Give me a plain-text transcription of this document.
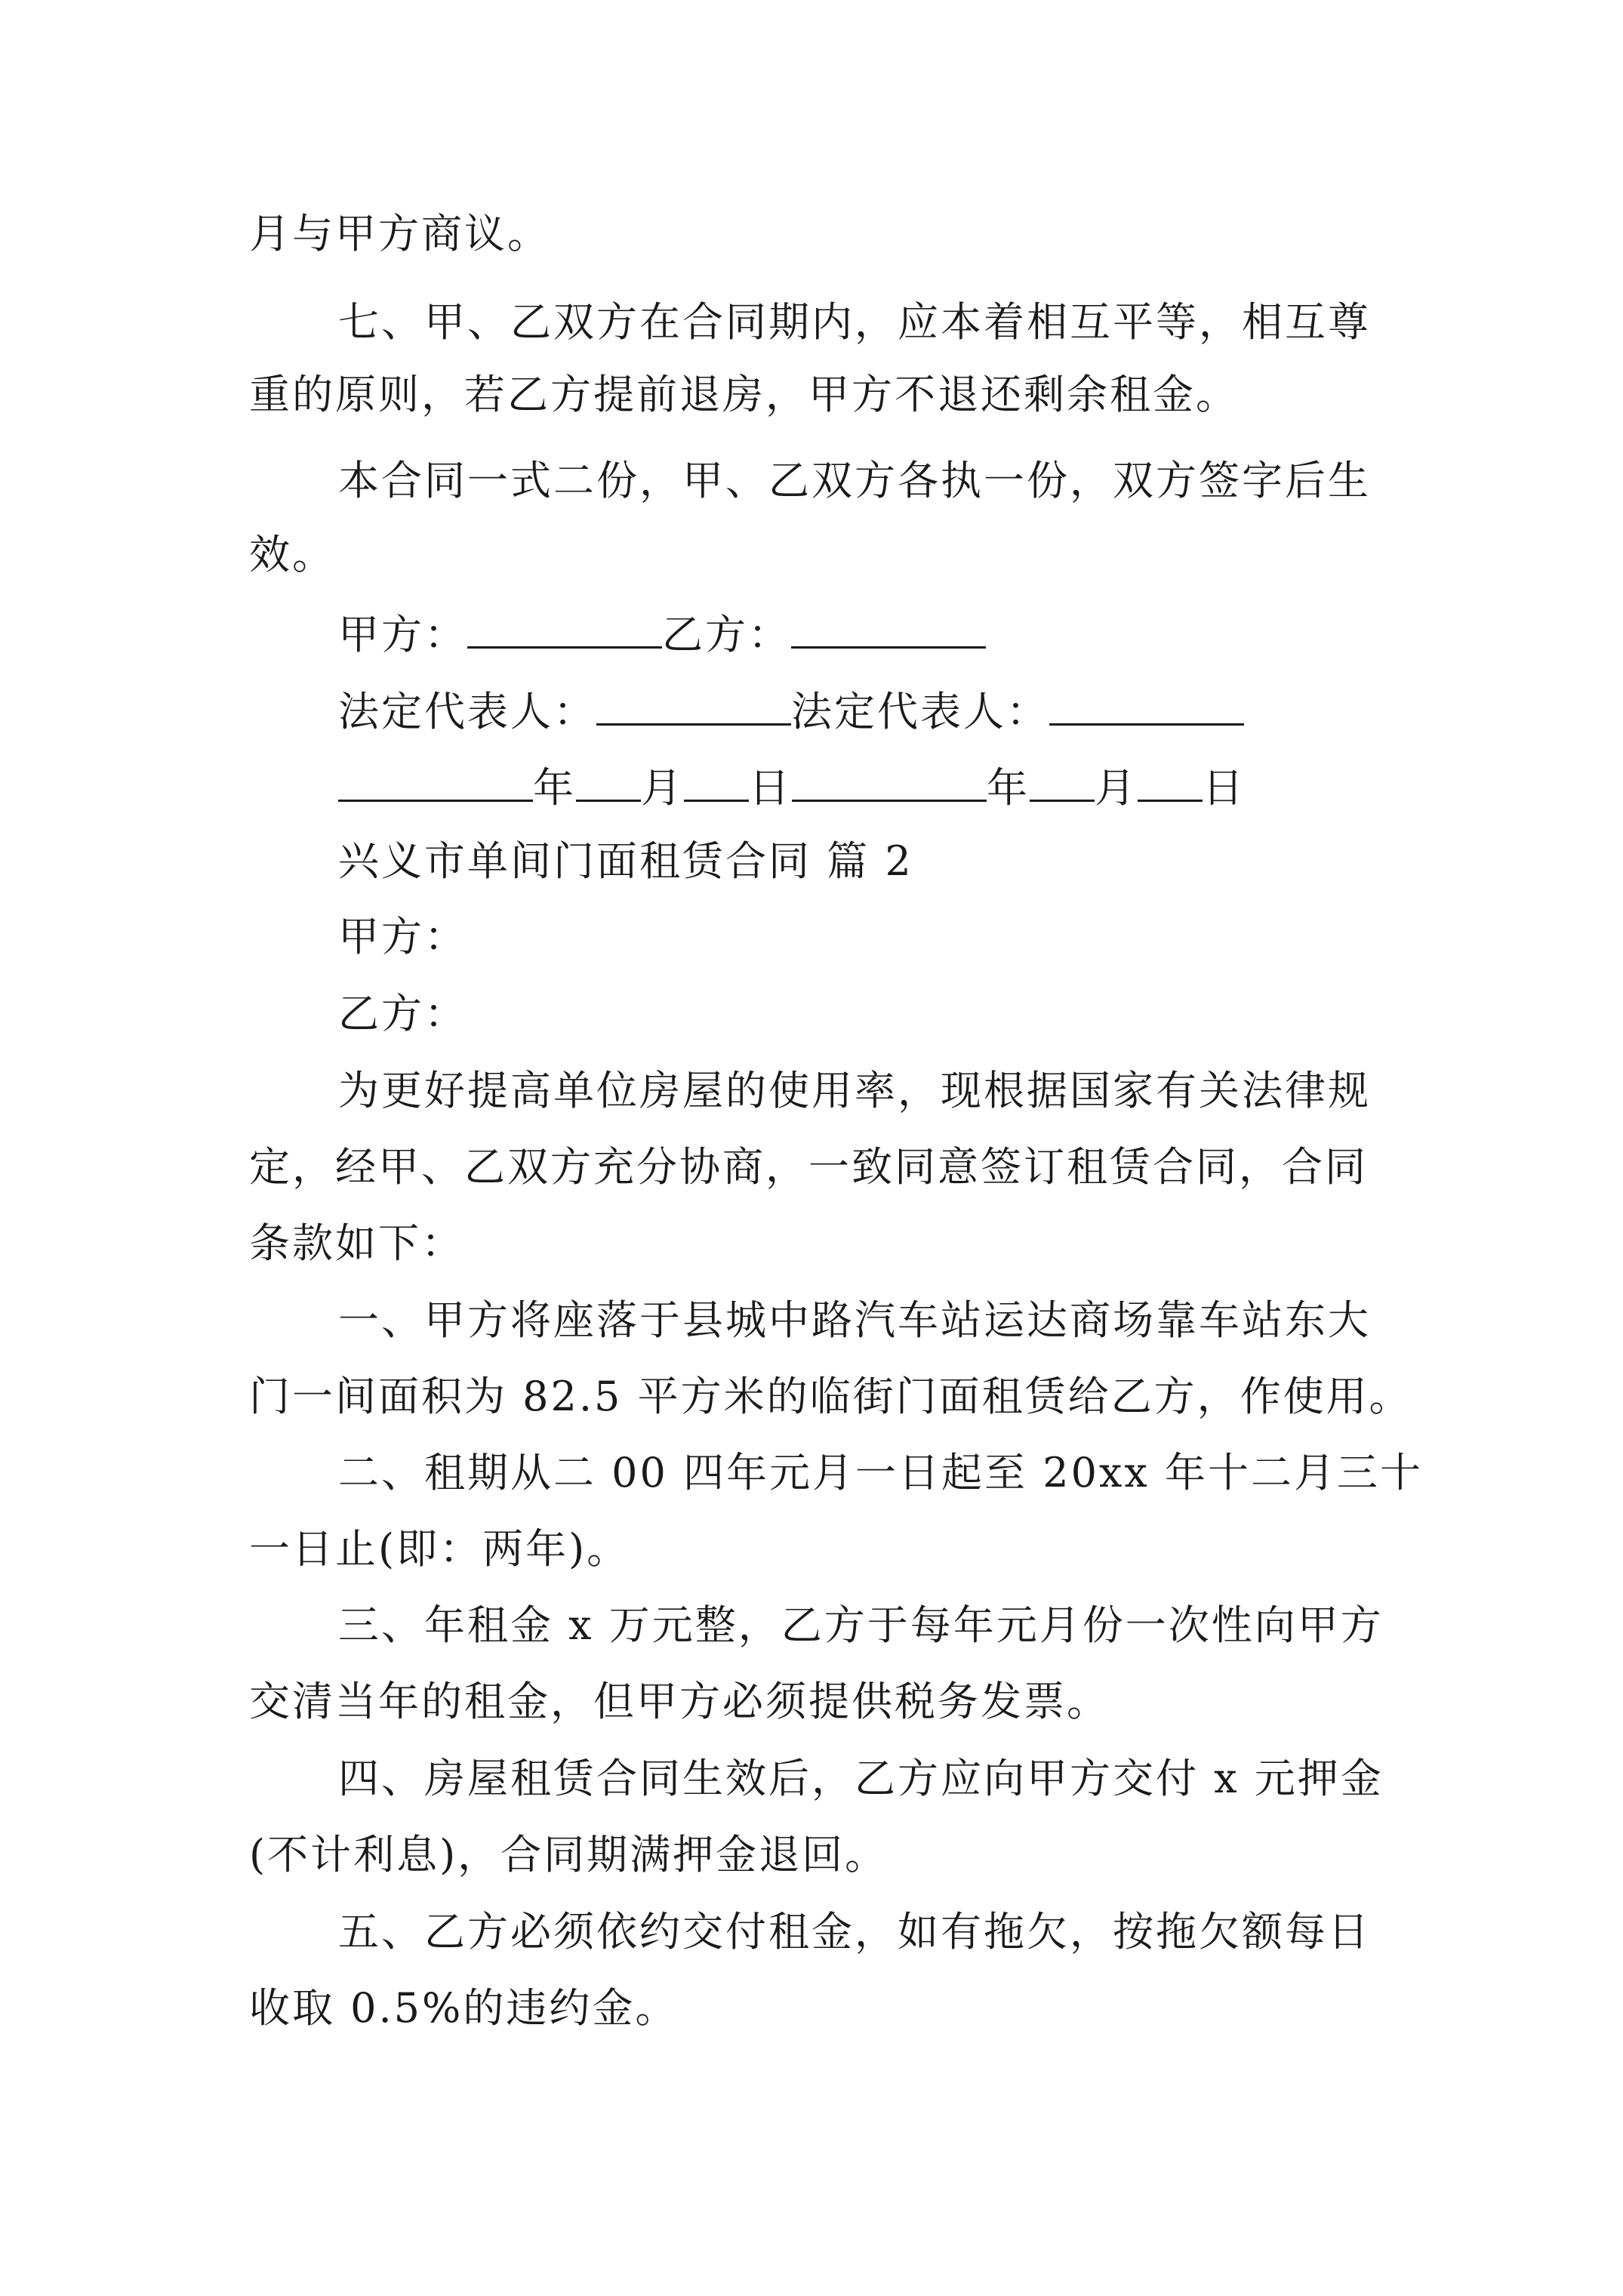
月与甲方商议。
七、甲、乙双方在合同期内，应本着相互平等，相互尊
重的原则，若乙方提前退房，甲方不退还剩余租金。
本合同一式二份，甲、乙双方各执一份，双方签字后生
效。
甲方：	乙方：
法定代表人：	法定代表人：
年 月 日	年 月 日
兴义市单间门面租赁合同 篇 2
甲方：
乙方：
为更好提高单位房屋的使用率，现根据国家有关法律规
定，经甲、乙双方充分协商，一致同意签订租赁合同，合同
条款如下：
一、甲方将座落于县城中路汽车站运达商场靠车站东大
门一间面积为 82.5 平方米的临街门面租赁给乙方，作使用。
二、租期从二 00 四年元月一日起至 20xx 年十二月三十
一日止(即：两年)。
三、年租金 x 万元整，乙方于每年元月份一次性向甲方
交清当年的租金，但甲方必须提供税务发票。
四、房屋租赁合同生效后，乙方应向甲方交付 x 元押金
(不计利息)，合同期满押金退回。
五、乙方必须依约交付租金，如有拖欠，按拖欠额每日
收取 0.5%的违约金。
